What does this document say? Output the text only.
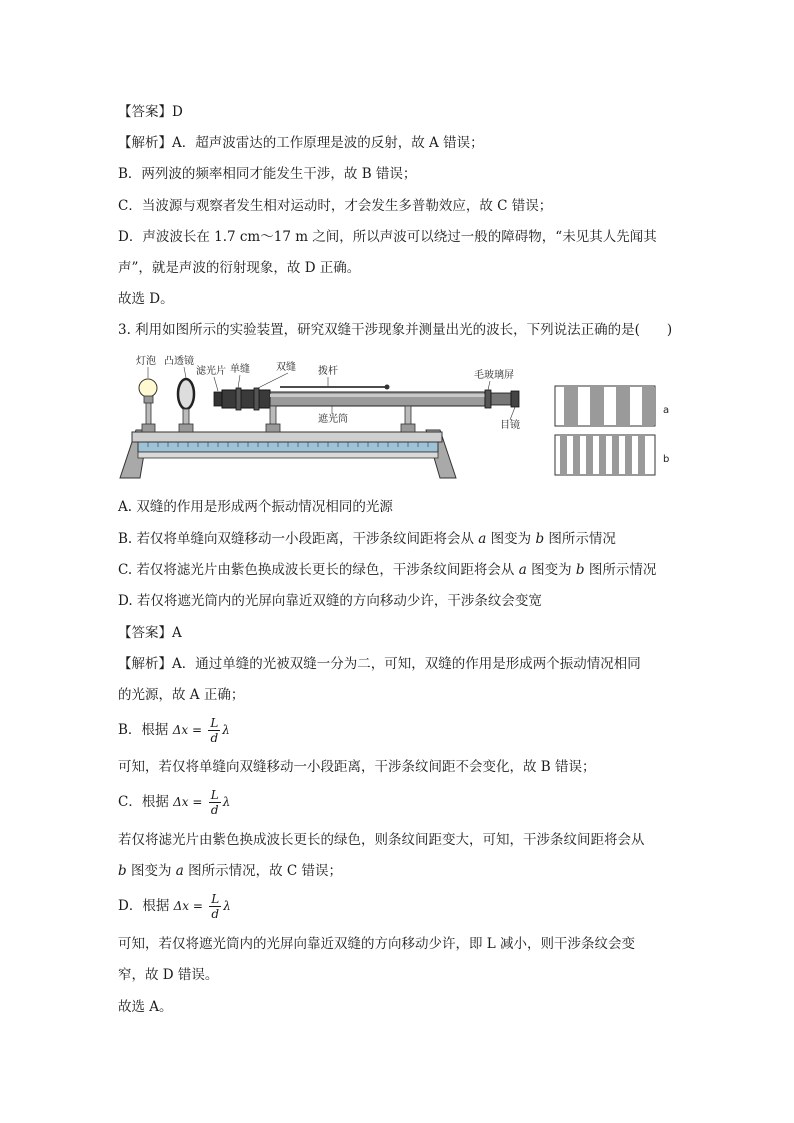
【答案】D
【解析】A．超声波雷达的工作原理是波的反射，故 A 错误；
B．两列波的频率相同才能发生干涉，故 B 错误；
C．当波源与观察者发生相对运动时，才会发生多普勒效应，故 C 错误；
D．声波波长在 1.7 cm～17 m 之间，所以声波可以绕过一般的障碍物，“未见其人先闻其
声”，就是声波的衍射现象，故 D 正确。
故选 D。
3. 利用如图所示的实验装置，研究双缝干涉现象并测量出光的波长，下列说法正确的是(　　)
灯泡 凸透镜
滤光片 单缝	双缝 拨杆	毛玻璃屏
遮光筒
目镜
a
b
A. 双缝的作用是形成两个振动情况相同的光源
B. 若仅将单缝向双缝移动一小段距离，干涉条纹间距将会从 a 图变为 b 图所示情况
C. 若仅将滤光片由紫色换成波长更长的绿色，干涉条纹间距将会从 a 图变为 b 图所示情况
D. 若仅将遮光筒内的光屏向靠近双缝的方向移动少许，干涉条纹会变宽
【答案】A
【解析】A．通过单缝的光被双缝一分为二，可知，双缝的作用是形成两个振动情况相同
的光源，故 A 正确；
B．根据 $\Delta x = \frac{L}{d}$ λ
可知，若仅将单缝向双缝移动一小段距离，干涉条纹间距不会变化，故 B 错误；
C．根据 $\Delta x = \frac{L}{d}$ λ
若仅将滤光片由紫色换成波长更长的绿色，则条纹间距变大，可知，干涉条纹间距将会从
b 图变为 a 图所示情况，故 C 错误；
D．根据 $\Delta x = \frac{L}{d}$ λ
可知，若仅将遮光筒内的光屏向靠近双缝的方向移动少许，即 L 减小，则干涉条纹会变
窄，故 D 错误。
故选 A。
